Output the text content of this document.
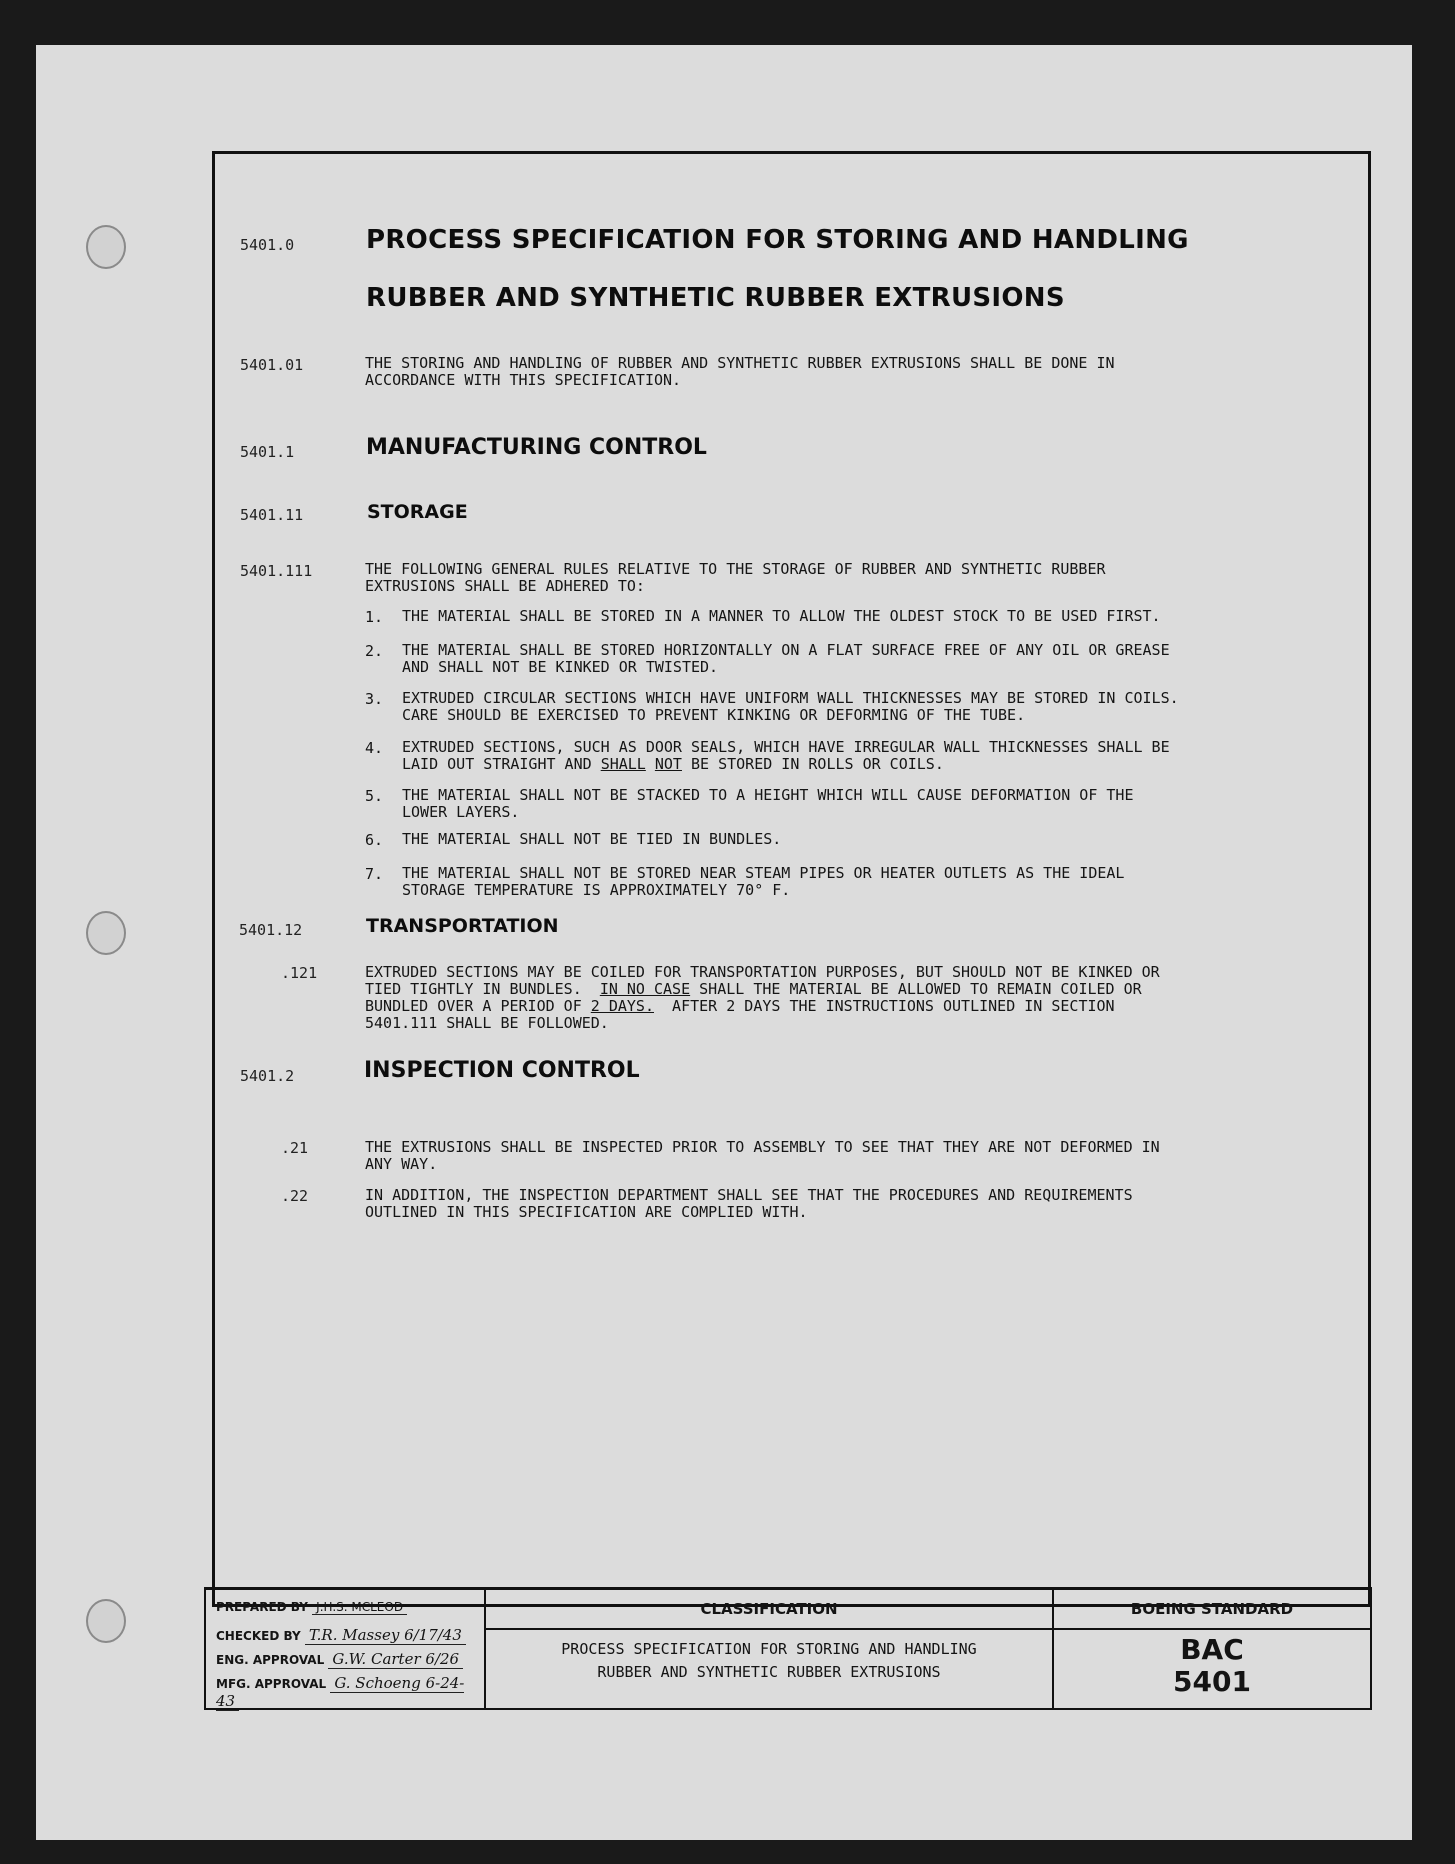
5401.0	PROCESS SPECIFICATION FOR STORING AND HANDLING
RUBBER AND SYNTHETIC RUBBER EXTRUSIONS
5401.01	THE STORING AND HANDLING OF RUBBER AND SYNTHETIC RUBBER EXTRUSIONS SHALL BE DONE IN
ACCORDANCE WITH THIS SPECIFICATION.
5401.1	MANUFACTURING CONTROL
5401.11	STORAGE
5401.111	THE FOLLOWING GENERAL RULES RELATIVE TO THE STORAGE OF RUBBER AND SYNTHETIC RUBBER
EXTRUSIONS SHALL BE ADHERED TO:
1. THE MATERIAL SHALL BE STORED IN A MANNER TO ALLOW THE OLDEST STOCK TO BE USED FIRST.
2. THE MATERIAL SHALL BE STORED HORIZONTALLY ON A FLAT SURFACE FREE OF ANY OIL OR GREASE
AND SHALL NOT BE KINKED OR TWISTED.
3. EXTRUDED CIRCULAR SECTIONS WHICH HAVE UNIFORM WALL THICKNESSES MAY BE STORED IN COILS.
CARE SHOULD BE EXERCISED TO PREVENT KINKING OR DEFORMING OF THE TUBE.
4. EXTRUDED SECTIONS, SUCH AS DOOR SEALS, WHICH HAVE IRREGULAR WALL THICKNESSES SHALL BE
LAID OUT STRAIGHT AND SHALL NOT BE STORED IN ROLLS OR COILS.
5. THE MATERIAL SHALL NOT BE STACKED TO A HEIGHT WHICH WILL CAUSE DEFORMATION OF THE
LOWER LAYERS.
6. THE MATERIAL SHALL NOT BE TIED IN BUNDLES.
7. THE MATERIAL SHALL NOT BE STORED NEAR STEAM PIPES OR HEATER OUTLETS AS THE IDEAL
STORAGE TEMPERATURE IS APPROXIMATELY 70° F.
5401.12	TRANSPORTATION
.121	EXTRUDED SECTIONS MAY BE COILED FOR TRANSPORTATION PURPOSES, BUT SHOULD NOT BE KINKED OR
TIED TIGHTLY IN BUNDLES.  IN NO CASE SHALL THE MATERIAL BE ALLOWED TO REMAIN COILED OR
BUNDLED OVER A PERIOD OF 2 DAYS.  AFTER 2 DAYS THE INSTRUCTIONS OUTLINED IN SECTION
5401.111 SHALL BE FOLLOWED.
5401.2	INSPECTION CONTROL
.21	THE EXTRUSIONS SHALL BE INSPECTED PRIOR TO ASSEMBLY TO SEE THAT THEY ARE NOT DEFORMED IN
ANY WAY.
.22	IN ADDITION, THE INSPECTION DEPARTMENT SHALL SEE THAT THE PROCEDURES AND REQUIREMENTS
OUTLINED IN THIS SPECIFICATION ARE COMPLIED WITH.
PREPARED BY J.H.S. MCLEOD
CHECKED BY T.R. Massey 6/17/43
ENG. APPROVAL G.W. Carter 6/26
MFG. APPROVAL G. Schoeng 6-24-43
CLASSIFICATION
PROCESS SPECIFICATION FOR STORING AND HANDLING
RUBBER AND SYNTHETIC RUBBER EXTRUSIONS
BOEING STANDARD
BAC
5401
